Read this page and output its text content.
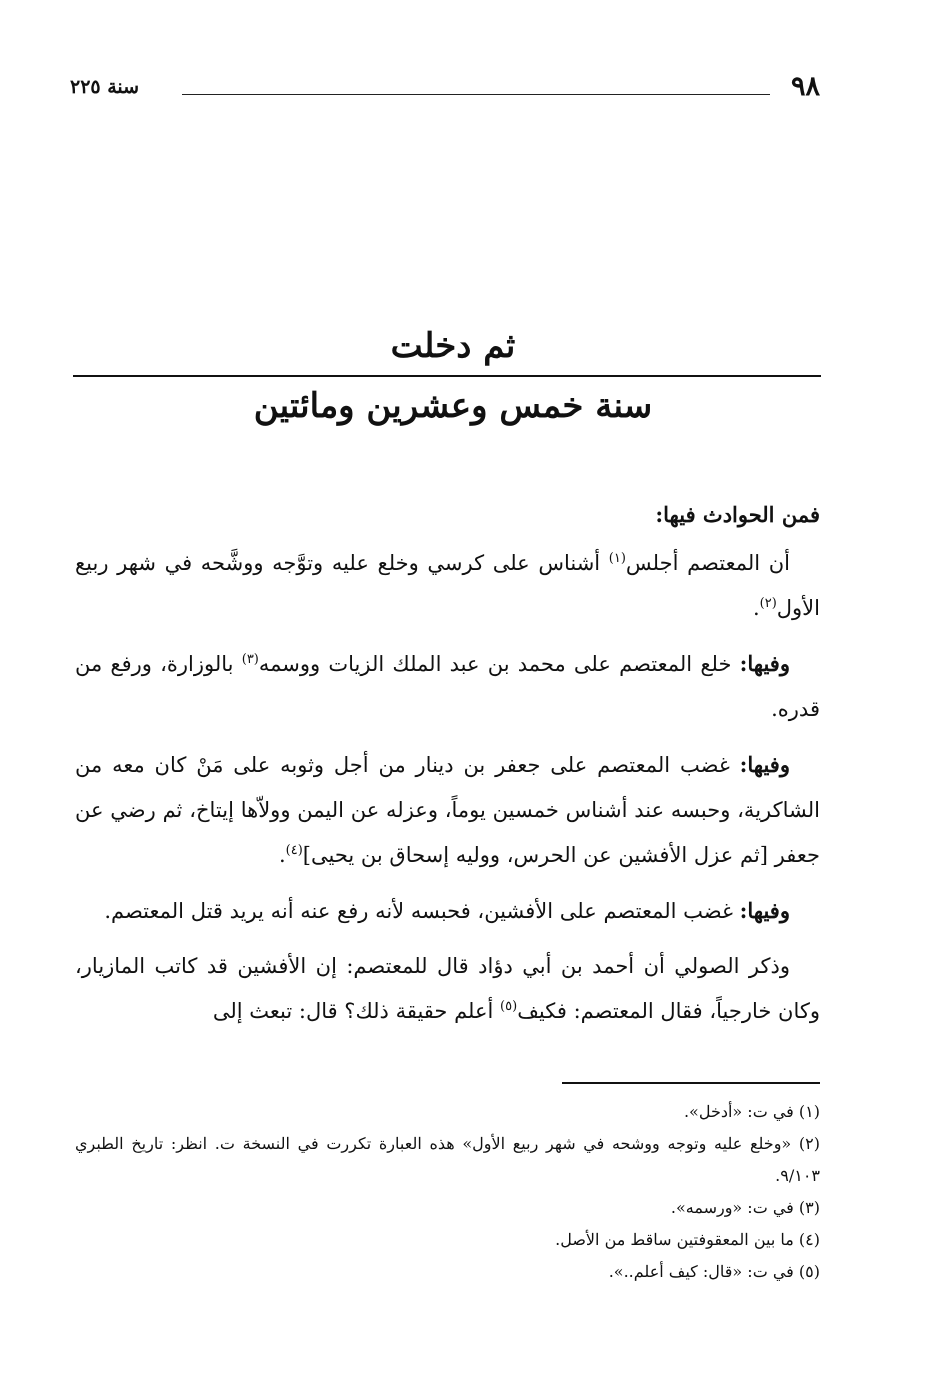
٩٨
سنة ٢٢٥
ثم دخلت
سنة خمس وعشرين ومائتين

فمن الحوادث فيها:

أن المعتصم أجلس$^{(١)}$ أشناس على كرسي وخلع عليه وتوَّجه ووشَّحه في شهر ربيع الأول$^{(٢)}$.

وفيها: خلع المعتصم على محمد بن عبد الملك الزيات ووسمه$^{(٣)}$ بالوزارة، ورفع من قدره.

وفيها: غضب المعتصم على جعفر بن دينار من أجل وثوبه على مَنْ كان معه من الشاكرية، وحبسه عند أشناس خمسين يوماً، وعزله عن اليمن وولاّها إيتاخ، ثم رضي عن جعفر [ثم عزل الأفشين عن الحرس، ووليه إسحاق بن يحيى]$^{(٤)}$.

وفيها: غضب المعتصم على الأفشين، فحبسه لأنه رفع عنه أنه يريد قتل المعتصم.

وذكر الصولي أن أحمد بن أبي دؤاد قال للمعتصم: إن الأفشين قد كاتب المازيار، وكان خارجياً، فقال المعتصم: فكيف$^{(٥)}$ أعلم حقيقة ذلك؟ قال: تبعث إلى

(١) في ت: «أدخل».

(٢) «وخلع عليه وتوجه ووشحه في شهر ربيع الأول» هذه العبارة تكررت في النسخة ت. انظر: تاريخ الطبري ٩/١٠٣.

(٣) في ت: «ورسمه».

(٤) ما بين المعقوفتين ساقط من الأصل.

(٥) في ت: «قال: كيف أعلم..».
